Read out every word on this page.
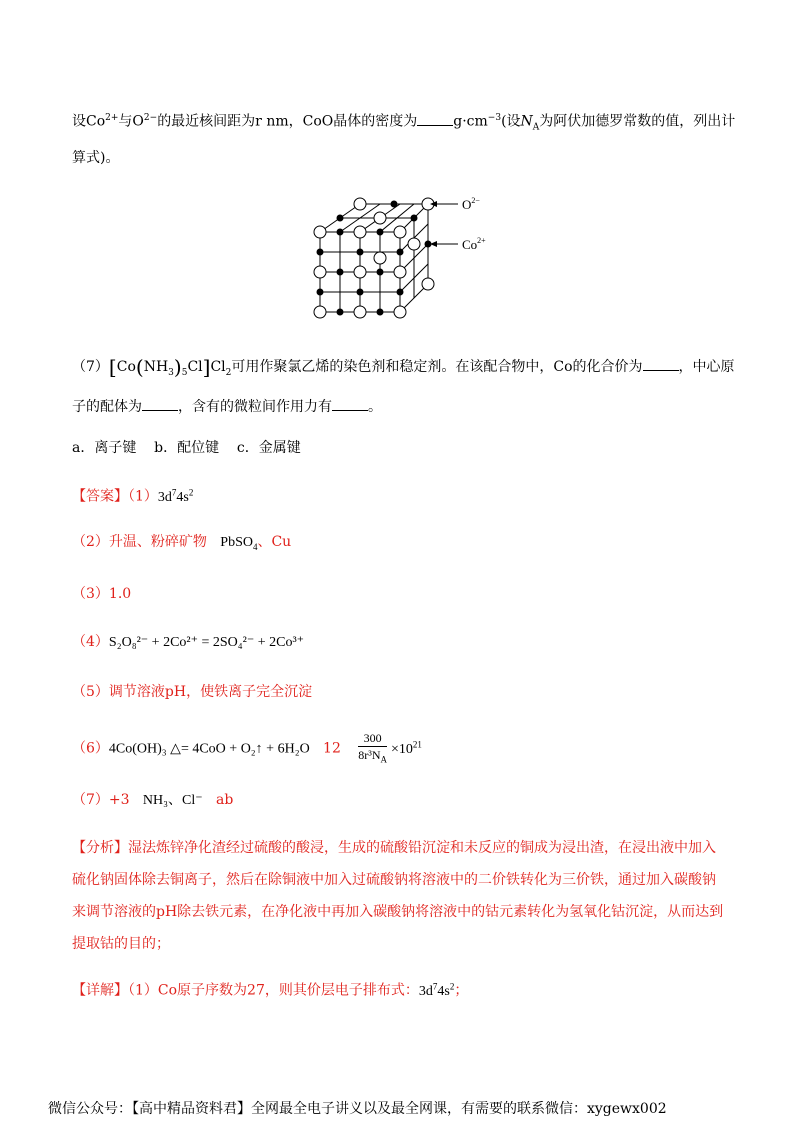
设$Co^{2+}$与$O^{2-}$的最近核间距为r nm，CoO晶体的密度为	$g\cdot cm^{-3}$(设$N_A$为阿伏加德罗常数的值，列出计
算式)。
$O^{2-}$
$Co^{2+}$
$(7)[Co(NH_3)_5Cl]Cl_2$可用作聚氯乙烯的染色剂和稳定剂。在该配合物中，Co的化合价为	，中心原
子的配体为	，含有的微粒间作用力有	。
a．离子键    b．配位键    c．金属键
【答案】$(1)3d^74s^2$
（2）升温、粉碎矿物 PbSO$_4$、Cu
（3）1.0
（4）S₂O₈²⁻ + 2Co²⁺ = 2SO₄²⁻ + 2Co³⁺
（5）调节溶液pH，使铁离子完全沉淀
（6）4Co(OH)₃ △= 4CoO + O₂↑ + 6H₂O $12 \frac{300}{8r^3N_A} \times 10^{21}$
（7）+3 NH₃、Cl⁻ ab
【分析】湿法炼锌净化渣经过硫酸的酸浸，生成的硫酸铅沉淀和未反应的铜成为浸出渣，在浸出液中加入
硫化钠固体除去铜离子，然后在除铜液中加入过硫酸钠将溶液中的二价铁转化为三价铁，通过加入碳酸钠
来调节溶液的pH除去铁元素，在净化液中再加入碳酸钠将溶液中的钴元素转化为氢氧化钴沉淀，从而达到
提取钴的目的；
【详解】（1）Co原子序数为27，则其价层电子排布式：$3d^74s^2$；
微信公众号：【高中精品资料君】全网最全电子讲义以及最全网课，有需要的联系微信：xygewx002
